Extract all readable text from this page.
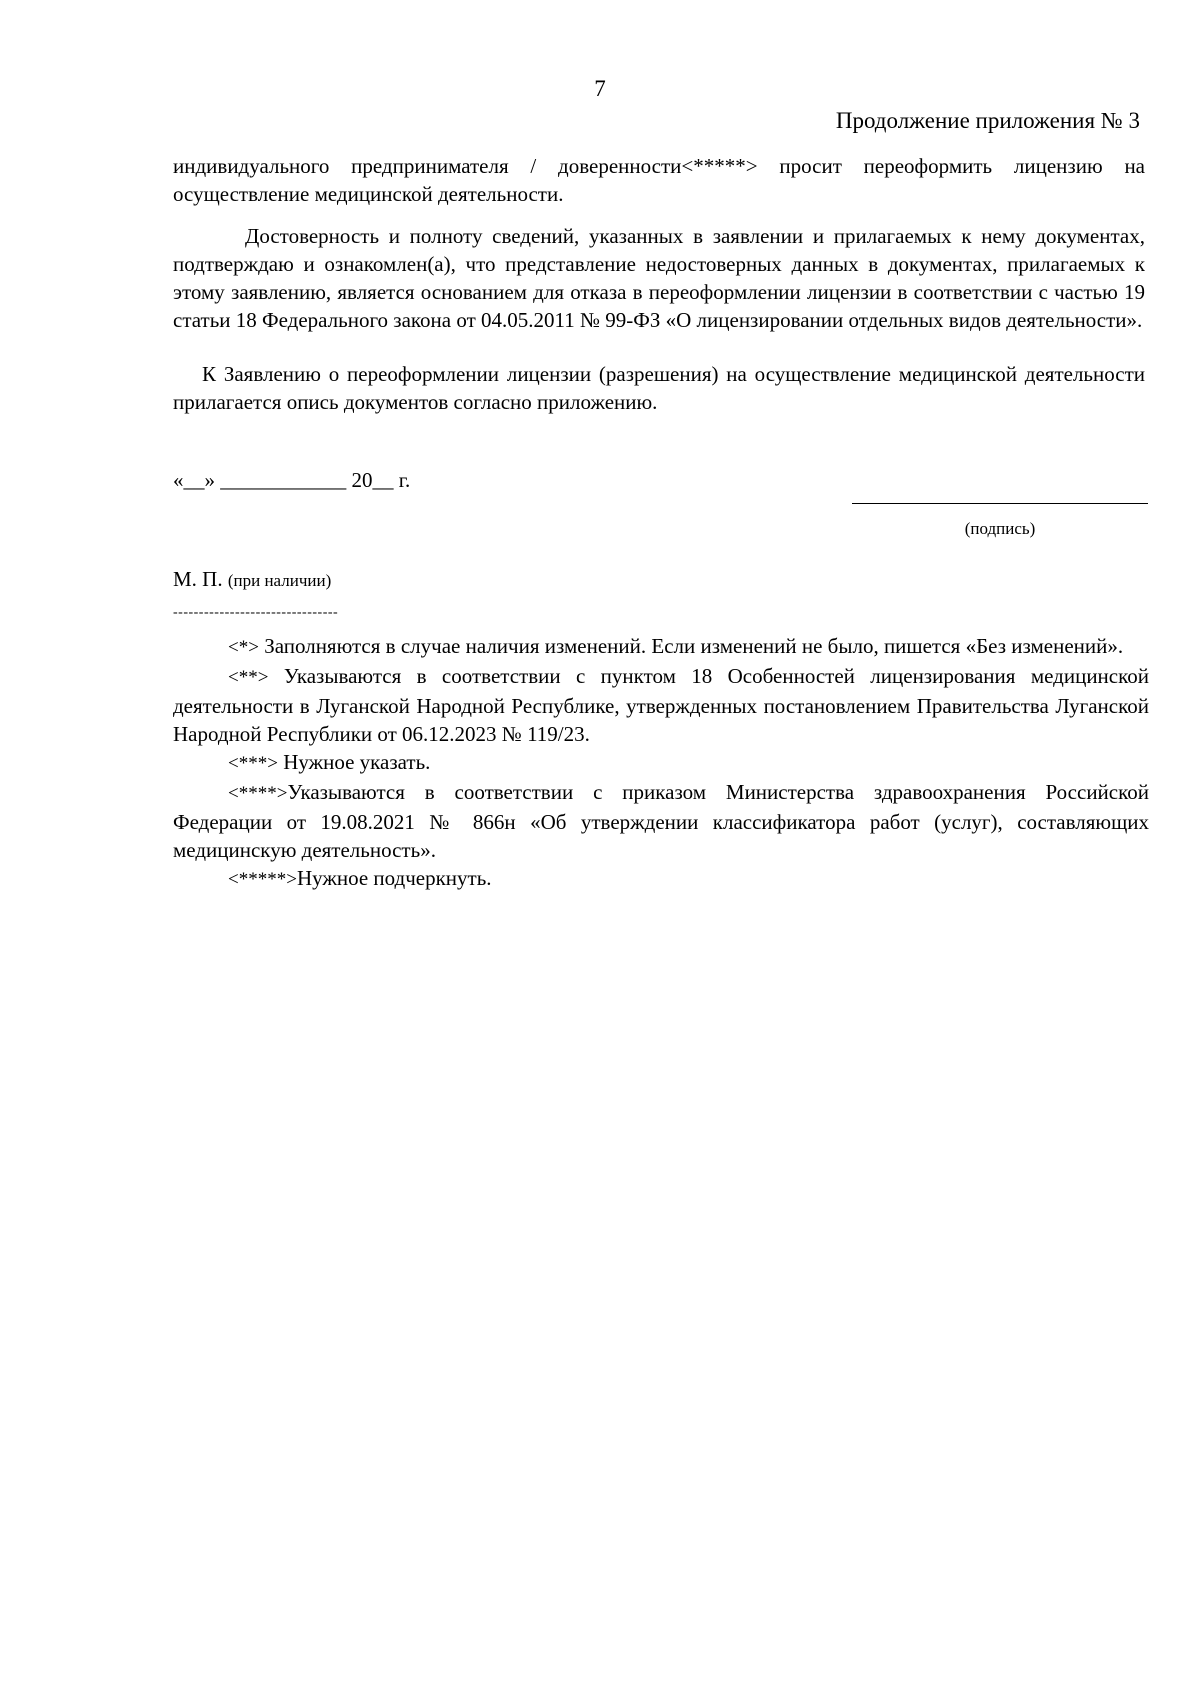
7
Продолжение приложения № 3

индивидуального предпринимателя / доверенности<*****> просит переоформить лицензию на осуществление медицинской деятельности.

Достоверность и полноту сведений, указанных в заявлении и прилагаемых к нему документах, подтверждаю и ознакомлен(а), что представление недостоверных данных в документах, прилагаемых к этому заявлению, является основанием для отказа в переоформлении лицензии в соответствии с частью 19 статьи 18 Федерального закона от 04.05.2011 № 99-ФЗ «О лицензировании отдельных видов деятельности».

К Заявлению о переоформлении лицензии (разрешения) на осуществление медицинской деятельности прилагается опись документов согласно приложению.

«__» ____________ 20__ г.
(подпись)
М. П. (при наличии)
--------------------------------

<*> Заполняются в случае наличия изменений. Если изменений не было, пишется «Без изменений».

<**> Указываются в соответствии с пунктом 18 Особенностей лицензирования медицинской деятельности в Луганской Народной Республике, утвержденных постановлением Правительства Луганской Народной Республики от 06.12.2023 № 119/23.

<***> Нужное указать.

<****>Указываются в соответствии с приказом Министерства здравоохранения Российской Федерации от 19.08.2021 № 866н «Об утверждении классификатора работ (услуг), составляющих медицинскую деятельность».

<*****>Нужное подчеркнуть.
